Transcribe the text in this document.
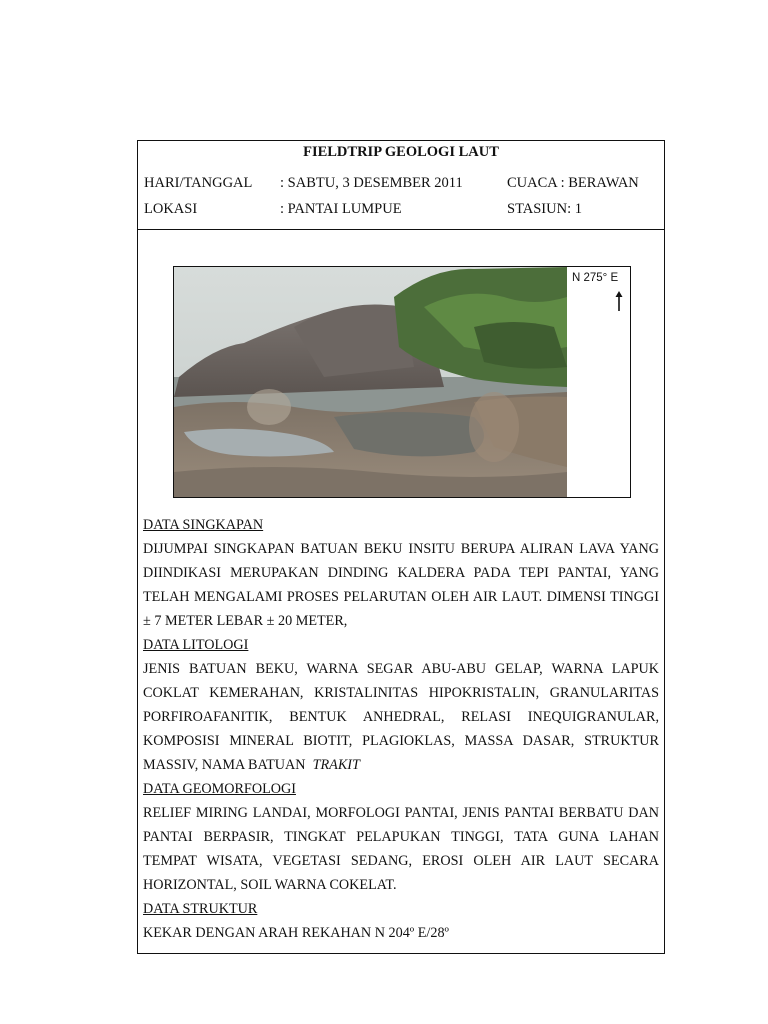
FIELDTRIP GEOLOGI LAUT
HARI/TANGGAL : SABTU, 3 DESEMBER 2011	CUACA : BERAWAN
LOKASI	: PANTAI LUMPUE	STASIUN: 1
N 275° E
DATA SINGKAPAN
DIJUMPAI SINGKAPAN BATUAN BEKU INSITU BERUPA ALIRAN LAVA YANG DIINDIKASI MERUPAKAN DINDING KALDERA PADA TEPI PANTAI, YANG TELAH MENGALAMI PROSES PELARUTAN OLEH AIR LAUT. DIMENSI TINGGI ± 7 METER LEBAR ± 20 METER,
DATA LITOLOGI
JENIS BATUAN BEKU, WARNA SEGAR ABU-ABU GELAP, WARNA LAPUK COKLAT KEMERAHAN, KRISTALINITAS HIPOKRISTALIN, GRANULARITAS PORFIROAFANITIK, BENTUK ANHEDRAL, RELASI INEQUIGRANULAR, KOMPOSISI MINERAL BIOTIT, PLAGIOKLAS, MASSA DASAR, STRUKTUR MASSIV, NAMA BATUAN TRAKIT
DATA GEOMORFOLOGI
RELIEF MIRING LANDAI, MORFOLOGI PANTAI, JENIS PANTAI BERBATU DAN PANTAI BERPASIR, TINGKAT PELAPUKAN TINGGI, TATA GUNA LAHAN TEMPAT WISATA, VEGETASI SEDANG, EROSI OLEH AIR LAUT SECARA HORIZONTAL, SOIL WARNA COKELAT.
DATA STRUKTUR
KEKAR DENGAN ARAH REKAHAN N 204º E/28º
